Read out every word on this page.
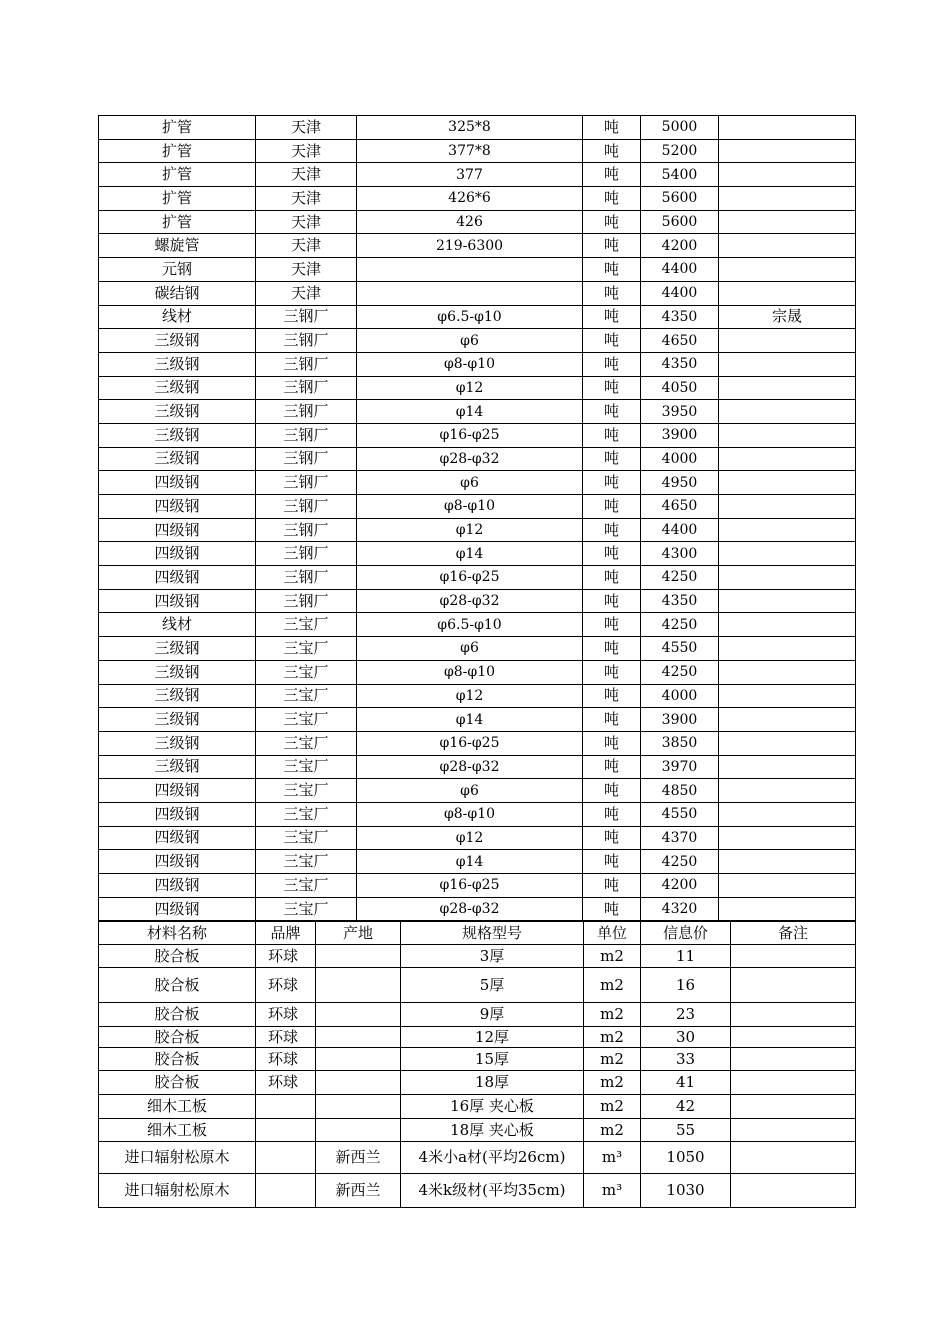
扩管	天津	325*8	吨	5000	
扩管	天津	377*8	吨	5200	
扩管	天津	377	吨	5400	
扩管	天津	426*6	吨	5600	
扩管	天津	426	吨	5600	
螺旋管	天津	219-6300	吨	4200	
元钢	天津		吨	4400	
碳结钢	天津		吨	4400	
线材	三钢厂	φ6.5-φ10	吨	4350	宗晟
三级钢	三钢厂	φ6	吨	4650	
三级钢	三钢厂	φ8-φ10	吨	4350	
三级钢	三钢厂	φ12	吨	4050	
三级钢	三钢厂	φ14	吨	3950	
三级钢	三钢厂	φ16-φ25	吨	3900	
三级钢	三钢厂	φ28-φ32	吨	4000	
四级钢	三钢厂	φ6	吨	4950	
四级钢	三钢厂	φ8-φ10	吨	4650	
四级钢	三钢厂	φ12	吨	4400	
四级钢	三钢厂	φ14	吨	4300	
四级钢	三钢厂	φ16-φ25	吨	4250	
四级钢	三钢厂	φ28-φ32	吨	4350	
线材	三宝厂	φ6.5-φ10	吨	4250	
三级钢	三宝厂	φ6	吨	4550	
三级钢	三宝厂	φ8-φ10	吨	4250	
三级钢	三宝厂	φ12	吨	4000	
三级钢	三宝厂	φ14	吨	3900	
三级钢	三宝厂	φ16-φ25	吨	3850	
三级钢	三宝厂	φ28-φ32	吨	3970	
四级钢	三宝厂	φ6	吨	4850	
四级钢	三宝厂	φ8-φ10	吨	4550	
四级钢	三宝厂	φ12	吨	4370	
四级钢	三宝厂	φ14	吨	4250	
四级钢	三宝厂	φ16-φ25	吨	4200	
四级钢	三宝厂	φ28-φ32	吨	4320	
材料名称	品牌	产地	规格型号	单位	信息价	备注
胶合板	环球		3厚	m2	11	
胶合板	环球		5厚	m2	16	
胶合板	环球		9厚	m2	23	
胶合板	环球		12厚	m2	30	
胶合板	环球		15厚	m2	33	
胶合板	环球		18厚	m2	41	
细木工板			16厚 夹心板	m2	42	
细木工板			18厚 夹心板	m2	55	
进口辐射松原木		新西兰	4米小a材(平均26cm)	m³	1050	
进口辐射松原木		新西兰	4米k级材(平均35cm)	m³	1030	
